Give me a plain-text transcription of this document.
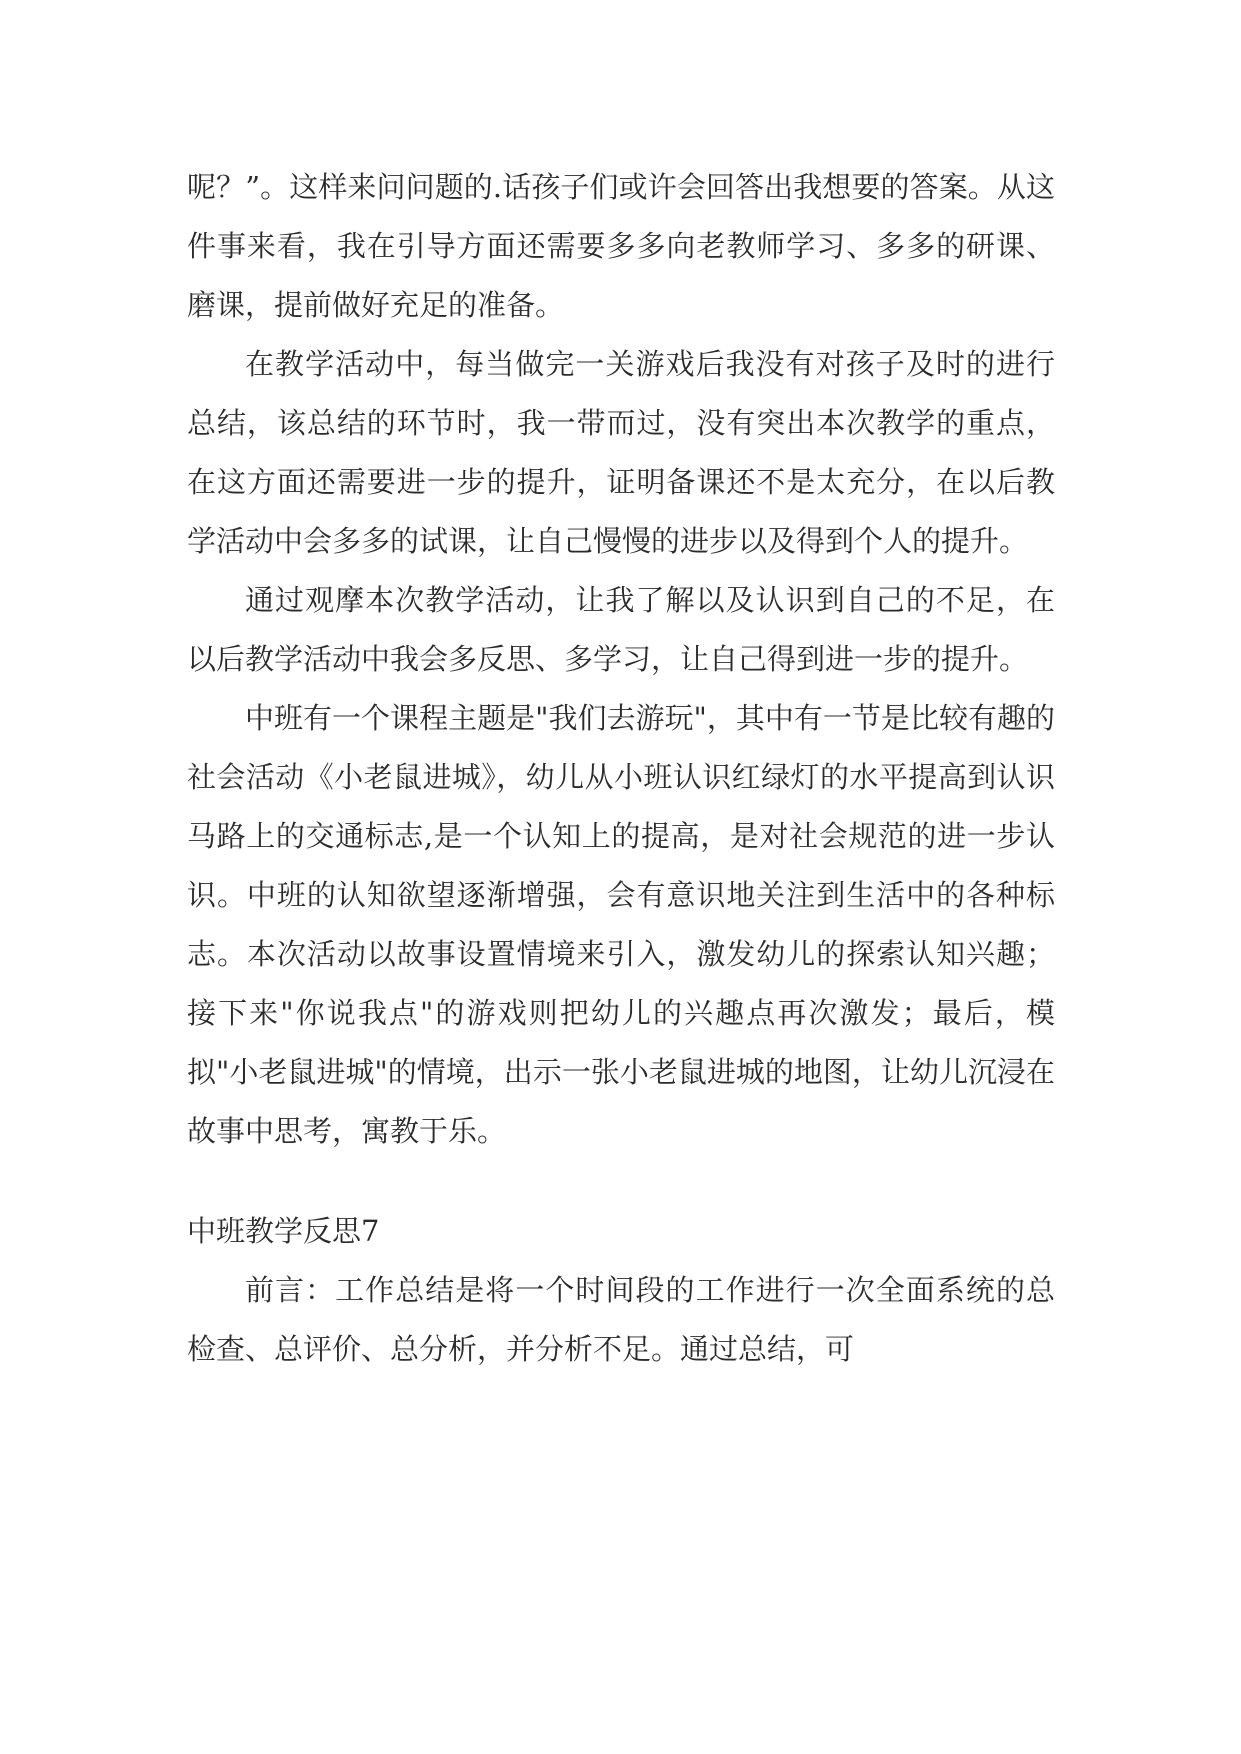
呢？”。这样来问问题的.话孩子们或许会回答出我想要的答案。从这件事来看，我在引导方面还需要多多向老教师学习、多多的研课、磨课，提前做好充足的准备。

在教学活动中，每当做完一关游戏后我没有对孩子及时的进行总结，该总结的环节时，我一带而过，没有突出本次教学的重点，在这方面还需要进一步的提升，证明备课还不是太充分，在以后教学活动中会多多的试课，让自己慢慢的进步以及得到个人的提升。

通过观摩本次教学活动，让我了解以及认识到自己的不足，在以后教学活动中我会多反思、多学习，让自己得到进一步的提升。

中班有一个课程主题是"我们去游玩"，其中有一节是比较有趣的社会活动《小老鼠进城》，幼儿从小班认识红绿灯的水平提高到认识马路上的交通标志,是一个认知上的提高，是对社会规范的进一步认识。中班的认知欲望逐渐增强，会有意识地关注到生活中的各种标志。本次活动以故事设置情境来引入，激发幼儿的探索认知兴趣；接下来"你说我点"的游戏则把幼儿的兴趣点再次激发；最后，模拟"小老鼠进城"的情境，出示一张小老鼠进城的地图，让幼儿沉浸在故事中思考，寓教于乐。

中班教学反思7

前言：工作总结是将一个时间段的工作进行一次全面系统的总检查、总评价、总分析，并分析不足。通过总结，可
